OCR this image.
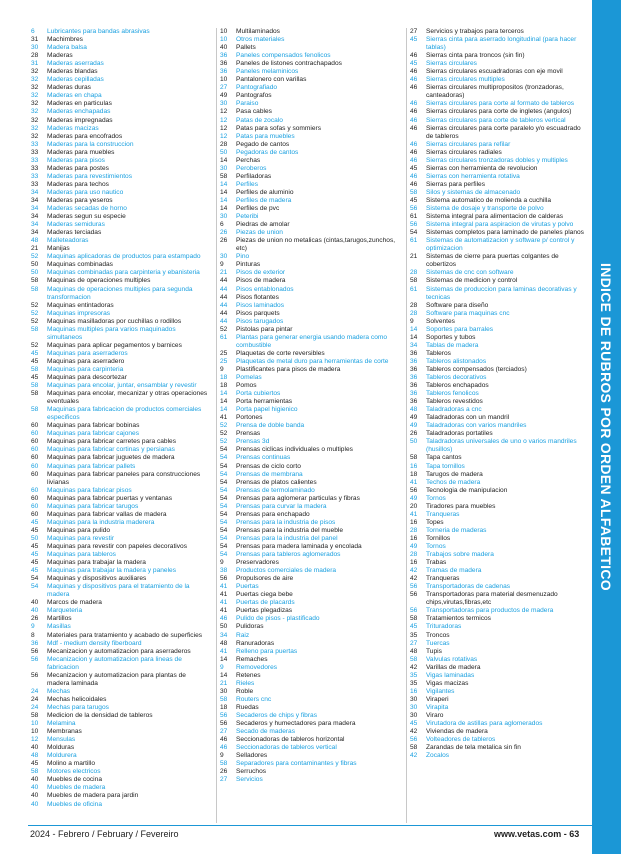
6	Lubricantes para bandas abrasivas
31	Machimbres
30	Madera balsa
28	Maderas
31	Maderas aserradas
32	Maderas blandas
32	Maderas cepilladas
32	Maderas duras
32	Maderas en chapa
32	Maderas en particulas
32	Maderas enchapadas
32	Maderas impregnadas
32	Maderas macizas
32	Maderas para encofrados
33	Maderas para la construccion
33	Maderas para muebles
33	Maderas para pisos
33	Maderas para postes
33	Maderas para revestimientos
33	Maderas para techos
34	Maderas para uso nautico
34	Maderas para yeseros
34	Maderas secadas de horno
34	Maderas segun su especie
34	Maderas semiduras
34	Maderas terciadas
48	Malleteadoras
21	Manijas
52	Maquinas aplicadoras de productos para estampado
50	Maquinas combinadas
50	Maquinas combinadas para carpinteria y ebanisteria
58	Maquinas de operaciones multiples
58	Maquinas de operaciones multiples para segunda transformacion
52	Maquinas entintadoras
52	Maquinas impresoras
52	Maquinas masilladoras por cuchillas o rodillos
58	Maquinas multiples para varios maquinados simultaneos
52	Maquinas para aplicar pegamentos y barnices
45	Maquinas para aserraderos
45	Maquinas para aserradero
58	Maquinas para carpinteria
45	Maquinas para descortezar
58	Maquinas para encolar, juntar, ensamblar y revestir
58	Maquinas para encolar, mecanizar y otras operaciones eventuales
58	Maquinas para fabricacion de productos comerciales especificos
60	Maquinas para fabricar bobinas
60	Maquinas para fabricar cajones
60	Maquinas para fabricar carretes para cables
60	Maquinas para fabricar cortinas y persianas
60	Maquinas para fabricar juguetes de madera
60	Maquinas para fabricar pallets
60	Maquinas para fabricar paneles para construcciones livianas
60	Maquinas para fabricar pisos
60	Maquinas para fabricar puertas y ventanas
60	Maquinas para fabricar tarugos
60	Maquinas para fabricar vallas de madera
45	Maquinas para la industria maderera
45	Maquinas para pulido
50	Maquinas para revestir
45	Maquinas para revestir con papeles decorativos
45	Maquinas para tableros
45	Maquinas para trabajar la madera
45	Maquinas para trabajar la madera y paneles
54	Maquinas y dispositivos auxiliares
54	Maquinas y dispositivos para el tratamiento de la madera
40	Marcos de madera
40	Marqueteria
26	Martillos
9	Masillas
8	Materiales para tratamiento y acabado de superficies
36	Mdf - medium density fiberboard
56	Mecanizacion y automatizacion para aserraderos
56	Mecanizacion y automatizacion para lineas de fabricacion
56	Mecanizacion y automatizacion para plantas de madera laminada
24	Mechas
24	Mechas helicoidales
24	Mechas para tarugos
58	Medicion de la densidad de tableros
10	Melamina
10	Membranas
12	Mensulas
40	Molduras
48	Moldurera
45	Molino a martillo
58	Motores electricos
40	Muebles de cocina
40	Muebles de madera
40	Muebles de madera para jardin
40	Muebles de oficina
10	Multilaminados
10	Otros materiales
40	Pallets
36	Paneles compensados fenolicos
36	Paneles de listones contrachapados
36	Paneles melaminicos
10	Pantalonero con varillas
27	Pantografiado
49	Pantografos
30	Paraiso
12	Pasa cables
12	Patas de zocalo
12	Patas para sofas y sommiers
12	Patas para muebles
28	Pegado de cantos
50	Pegadoras de cantos
14	Perchas
30	Peroberos
58	Perfiladoras
14	Perfiles
14	Perfiles de aluminio
14	Perfiles de madera
14	Perfiles de pvc
30	Peteribi
6	Piedras de amolar
26	Piezas de union
26	Piezas de union no metalicas (cintas,tarugos,zunchos, etc)
30	Pino
9	Pinturas
21	Pisos de exterior
44	Pisos de madera
44	Pisos entablonados
44	Pisos flotantes
44	Pisos laminados
44	Pisos parquets
44	Pisos tarugados
52	Pistolas para pintar
61	Plantas para generar energia usando madera como combustible
25	Plaquetas de corte reversibles
25	Plaquetas de metal duro para herramientas de corte
9	Plastificantes para pisos de madera
18	Pomelas
18	Pomos
14	Porta cubiertos
14	Porta herramientas
14	Porta papel higienico
41	Portones
52	Prensa de doble banda
52	Prensas
52	Prensas 3d
54	Prensas ciclicas individuales o multiples
54	Prensas continuas
54	Prensas de ciclo corto
54	Prensas de membrana
54	Prensas de platos calientes
54	Prensas de termolaminado
54	Prensas para aglomerar particulas y fibras
54	Prensas para curvar la madera
54	Prensas para enchapado
54	Prensas para la industria de pisos
54	Prensas para la industria del mueble
54	Prensas para la industria del panel
54	Prensas para madera laminada y encolada
54	Prensas para tableros aglomerados
9	Preservadores
38	Productos comerciales de madera
56	Propulsores de aire
41	Puertas
41	Puertas ciega bebe
41	Puertas de placards
41	Puertas plegadizas
46	Pulido de pisos - plastificado
50	Pulidoras
34	Raiz
48	Ranuradoras
41	Relleno para puertas
14	Remaches
9	Removedores
14	Retenes
21	Rieles
30	Roble
58	Routers cnc
18	Ruedas
56	Secaderos de chips y fibras
56	Secaderos y humectadores para madera
27	Secado de maderas
46	Seccionadoras de tableros horizontal
46	Seccionadoras de tableros vertical
9	Selladores
58	Separadores para contaminantes y fibras
26	Serruchos
27	Servicios
27	Servicios y trabajos para terceros
45	Sierras cinta para aserrado longitudinal (para hacer tablas)
46	Sierras cinta para troncos (sin fin)
45	Sierras circulares
46	Sierras circulares escuadradoras con eje movil
46	Sierras circulares multiples
46	Sierras circulares multipropositos (tronzadoras, canteadoras)
46	Sierras circulares para corte al formato de tableros
46	Sierras circulares para corte de ingletes (angulos)
46	Sierras circulares para corte de tableros vertical
46	Sierras circulares para corte paralelo y/o escuadrado de tableros
46	Sierras circulares para refilar
46	Sierras circulares radiales
46	Sierras circulares tronzadoras dobles y multiples
45	Sierras con herramienta de revolucion
46	Sierras con herramienta rotativa
46	Sierras para perfiles
58	Silos y sistemas de almacenado
45	Sistema automatico de molienda a cuchilla
56	Sistema de dosaje y transporte de polvo
61	Sistema integral para alimentacion de calderas
56	Sistema integral para aspiracion de virutas y polvo
54	Sistemas completos para laminado de paneles planos
61	Sistemas de automatizacion y software p/ control y optimizacion
21	Sistemas de cierre para puertas colgantes de cobertizos
28	Sistemas de cnc con software
58	Sistemas de medicion y control
61	Sistemas de produccion para laminas decorativas y tecnicas
28	Software para diseño
28	Software para maquinas cnc
9	Solventes
14	Soportes para barrales
14	Soportes y tubos
34	Tablas de madera
36	Tableros
36	Tableros alistonados
36	Tableros compensados (terciados)
36	Tableros decorativos
36	Tableros enchapados
36	Tableros fenolicos
36	Tableros revestidos
48	Taladradoras a cnc
49	Taladradoras con un mandril
49	Taladradoras con varios mandriles
26	Taladradoras portatiles
50	Taladradoras universales de uno o varios mandriles (husillos)
58	Tapa cantos
16	Tapa tornillos
18	Tarugos de madera
41	Techos de madera
56	Tecnologia de manipulacion
49	Tornos
20	Tiradores para muebles
41	Tranqueras
16	Topes
28	Torneria de maderas
16	Tornillos
49	Tornos
28	Trabajos sobre madera
16	Trabas
42	Tramas de madera
42	Tranqueras
56	Transportadoras de cadenas
56	Transportadoras para material desmenuzado chips,virutas,fibras,etc
56	Transportadoras para productos de madera
58	Tratamientos termicos
45	Trituradoras
35	Troncos
27	Tuercas
48	Tupis
58	Valvulas rotativas
42	Varillas de madera
35	Vigas laminadas
35	Vigas macizas
16	Vigilantes
30	Viraperi
30	Virapita
30	Viraro
45	Virutadora de astillas para aglomerados
42	Viviendas de madera
56	Volteadores de tableros
58	Zarandas de tela metalica sin fin
42	Zocalos
INDICE DE RUBROS POR ORDEN ALFABETICO
2024 - Febrero / February / Fevereiro	www.vetas.com - 63
